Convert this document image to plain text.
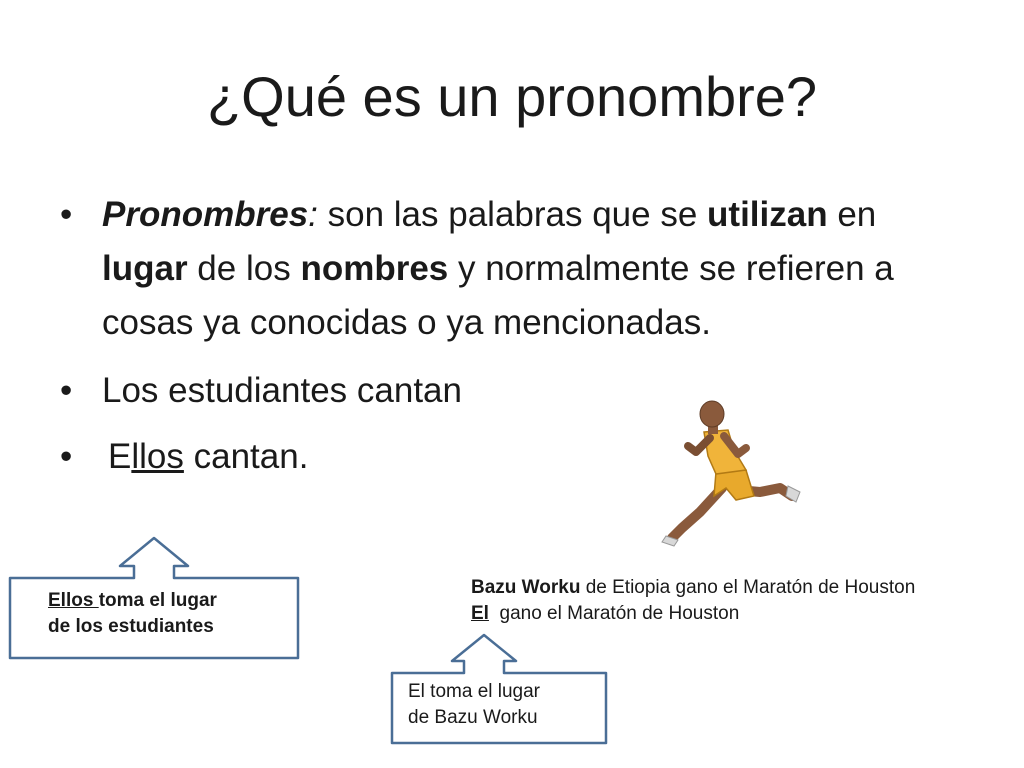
¿Qué es un pronombre?
• Pronombres: son las palabras que se utilizan en lugar de los nombres y normalmente se refieren a cosas ya conocidas o ya mencionadas.
• Los estudiantes cantan
• Ellos cantan.
Ellos toma el lugar
de los estudiantes
Bazu Worku de Etiopia gano el Maratón de Houston
El  gano el Maratón de Houston
El toma el lugar
de Bazu Worku
